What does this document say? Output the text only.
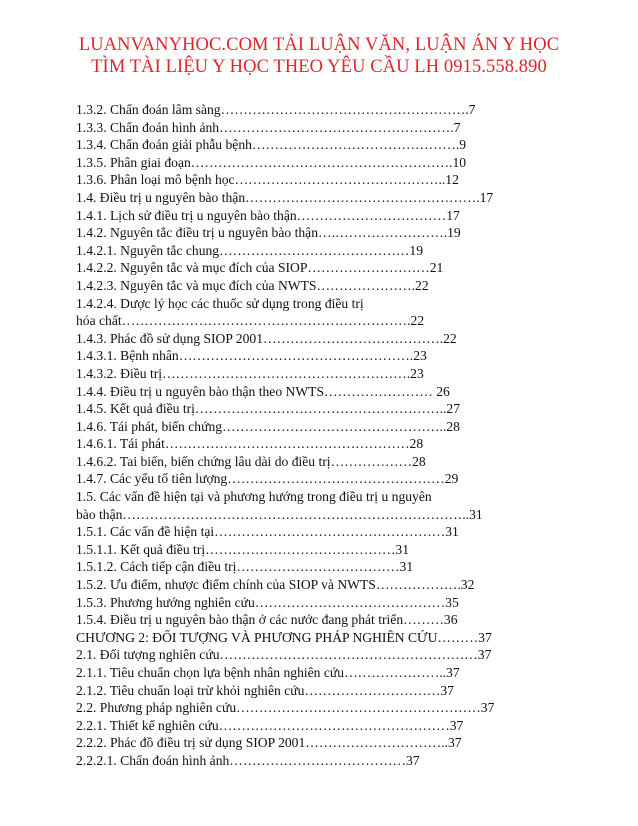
LUANVANYHOC.COM TẢI LUẬN VĂN, LUẬN ÁN Y HỌC
TÌM TÀI LIỆU Y HỌC THEO YÊU CẦU LH 0915.558.890
1.3.2. Chẩn đoán lâm sàng……………………………………………….7
1.3.3. Chẩn đoán hình ảnh…………………………………………….7
1.3.4. Chẩn đoán giải phẫu bệnh……………………………………….9
1.3.5. Phân giai đoạn………………………………………………….10
1.3.6. Phân loại mô bệnh học………………………………………..12
1.4. Điều trị u nguyên bào thận…………………………………………….17
1.4.1. Lịch sử điều trị u nguyên bào thận……………………………17
1.4.2. Nguyên tắc điều trị u nguyên bào thận….…………………….19
1.4.2.1. Nguyên tắc chung……………………………………19
1.4.2.2. Nguyên tắc và mục đích của SIOP………………………21
1.4.2.3. Nguyên tắc và mục đích của NWTS………………….22
1.4.2.4. Dược lý học các thuốc sử dụng trong điều trị
hóa chất……………………………………………………….22
1.4.3. Phác đồ sử dụng SIOP 2001………………………………….22
1.4.3.1. Bệnh nhân…………………………………………….23
1.4.3.2. Điều trị……………………………………………….23
1.4.4. Điều trị u nguyên bào thận theo NWTS…………………… 26
1.4.5. Kết quả điều trị………………………………………………..27
1.4.6. Tái phát, biến chứng…………………………………………..28
1.4.6.1. Tái phát………………………………………………28
1.4.6.2. Tai biến, biến chứng lâu dài do điều trị………………28
1.4.7. Các yếu tố tiên lượng…………………………………………29
1.5. Các vấn đề hiện tại và phương hướng trong điều trị u nguyên
bào thận…………………………………………………………………..31
1.5.1. Các vấn đề hiện tại……………………………………………31
1.5.1.1. Kết quả điều trị……………………………………31
1.5.1.2. Cách tiếp cận điều trị………………………………31
1.5.2. Ưu điểm, nhược điểm chính của SIOP và NWTS……………….32
1.5.3. Phương hướng nghiên cứu……………………………………35
1.5.4. Điều trị u nguyên bào thận ở các nước đang phát triển………36
CHƯƠNG 2: ĐỐI TƯỢNG VÀ PHƯƠNG PHÁP NGHIÊN CỨU………37
2.1. Đối tượng nghiên cứu…………………………………………………37
2.1.1. Tiêu chuẩn chọn lựa bệnh nhân nghiên cứu…………………..37
2.1.2. Tiêu chuẩn loại trừ khỏi nghiên cứu…………………………37
2.2. Phương pháp nghiên cứu………………………………………………37
2.2.1. Thiết kế nghiên cứu……………………………………………37
2.2.2. Phác đồ điều trị sử dụng SIOP 2001…………………………..37
2.2.2.1. Chẩn đoán hình ảnh…………………………………37
